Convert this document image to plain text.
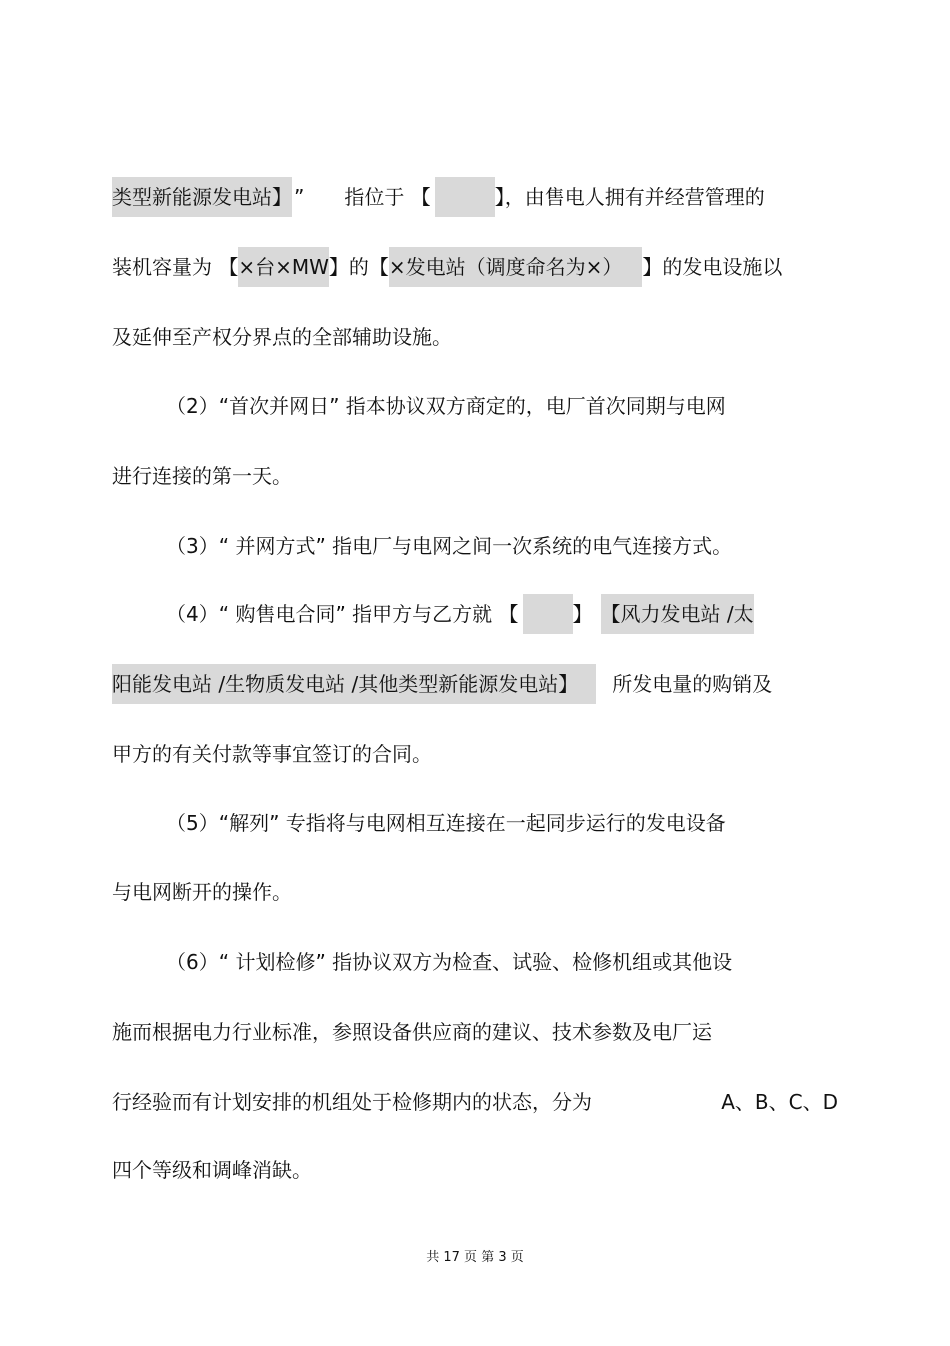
类型新能源发电站】 ” 指位于 【	】，由售电人拥有并经营管理的
装机容量为 【×台×MW】的【×发电站（调度命名为×） 】的发电设施以
及延伸至产权分界点的全部辅助设施。
（2）“首次并网日” 指本协议双方商定的，电厂首次同期与电网
进行连接的第一天。
（3）“ 并网方式” 指电厂与电网之间一次系统的电气连接方式。
（4）“ 购售电合同” 指甲方与乙方就 【	】 【风力发电站 /太
阳能发电站 /生物质发电站 /其他类型新能源发电站】 所发电量的购销及
甲方的有关付款等事宜签订的合同。
（5）“解列” 专指将与电网相互连接在一起同步运行的发电设备
与电网断开的操作。
（6）“ 计划检修” 指协议双方为检查、试验、检修机组或其他设
施而根据电力行业标准，参照设备供应商的建议、技术参数及电厂运
行经验而有计划安排的机组处于检修期内的状态，分为	A、B、C、D
四个等级和调峰消缺。
共 17 页 第 3 页
